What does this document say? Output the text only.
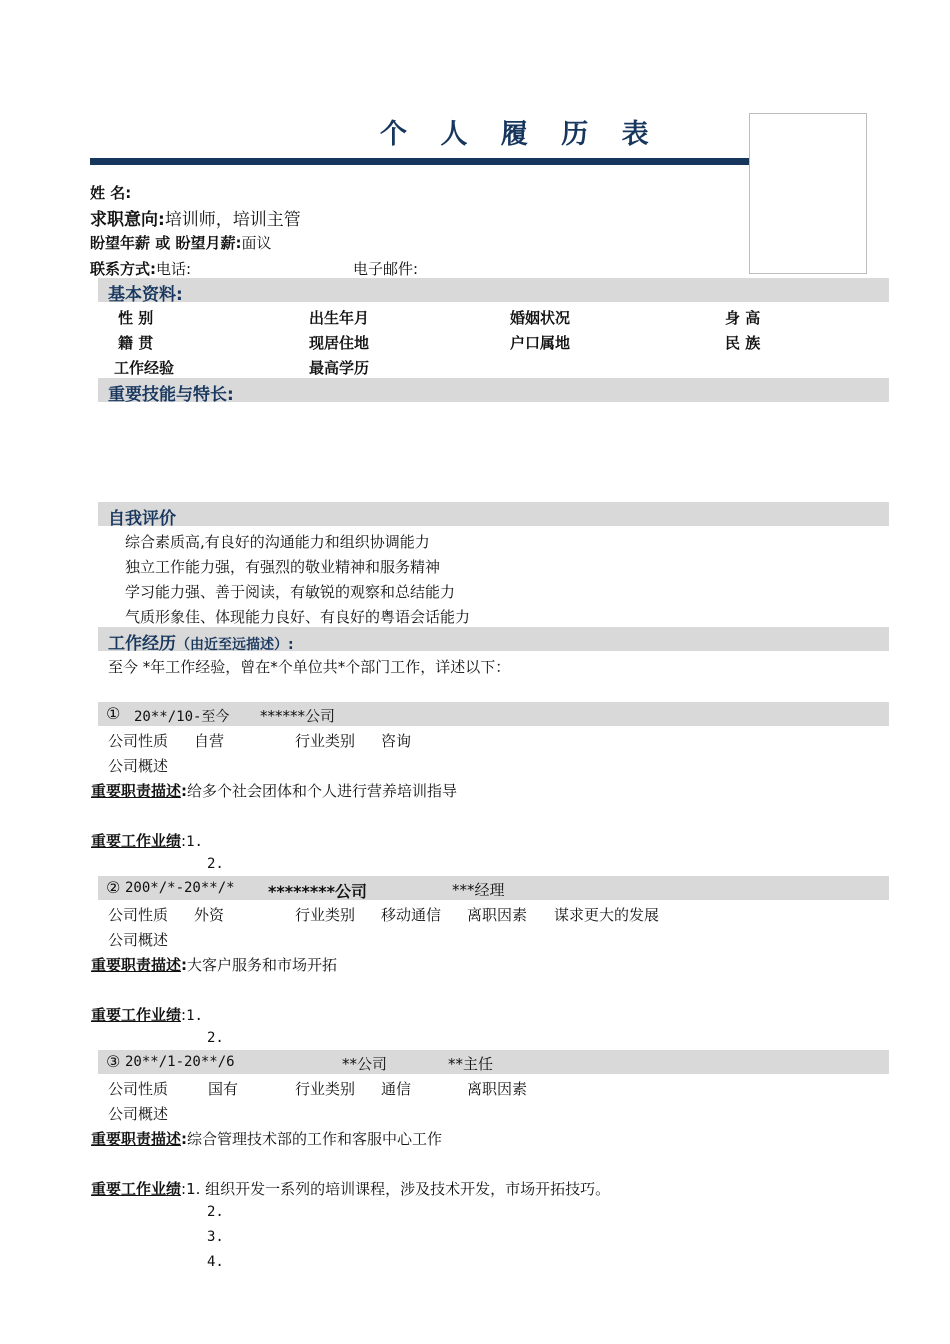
个 人 履 历 表
姓 名:
求职意向:培训师，培训主管
盼望年薪 或 盼望月薪:面议
联系方式:电话:	电子邮件:
基本资料:
性 别	出生年月	婚姻状况	身 高
籍 贯	现居住地	户口属地	民 族
工作经验	最高学历
重要技能与特长:
自我评价
综合素质高,有良好的沟通能力和组织协调能力
独立工作能力强，有强烈的敬业精神和服务精神
学习能力强、善于阅读，有敏锐的观察和总结能力
气质形象佳、体现能力良好、有良好的粤语会话能力
工作经历（由近至远描述）:
至今 *年工作经验，曾在*个单位共*个部门工作，详述以下：
① 20**/10-至今 ******公司
公司性质 自营	行业类别 咨询
公司概述
重要职责描述:给多个社会团体和个人进行营养培训指导
重要工作业绩:1.
2.
② 200*/*-20**/* ********公司	***经理
公司性质 外资	行业类别 移动通信 离职因素 谋求更大的发展
公司概述
重要职责描述:大客户服务和市场开拓
重要工作业绩:1.
2.
③ 20**/1-20**/6	**公司	**主任
公司性质	国有	行业类别 通信	离职因素
公司概述
重要职责描述:综合管理技术部的工作和客服中心工作
重要工作业绩:1. 组织开发一系列的培训课程，涉及技术开发，市场开拓技巧。
2.
3.
4.
